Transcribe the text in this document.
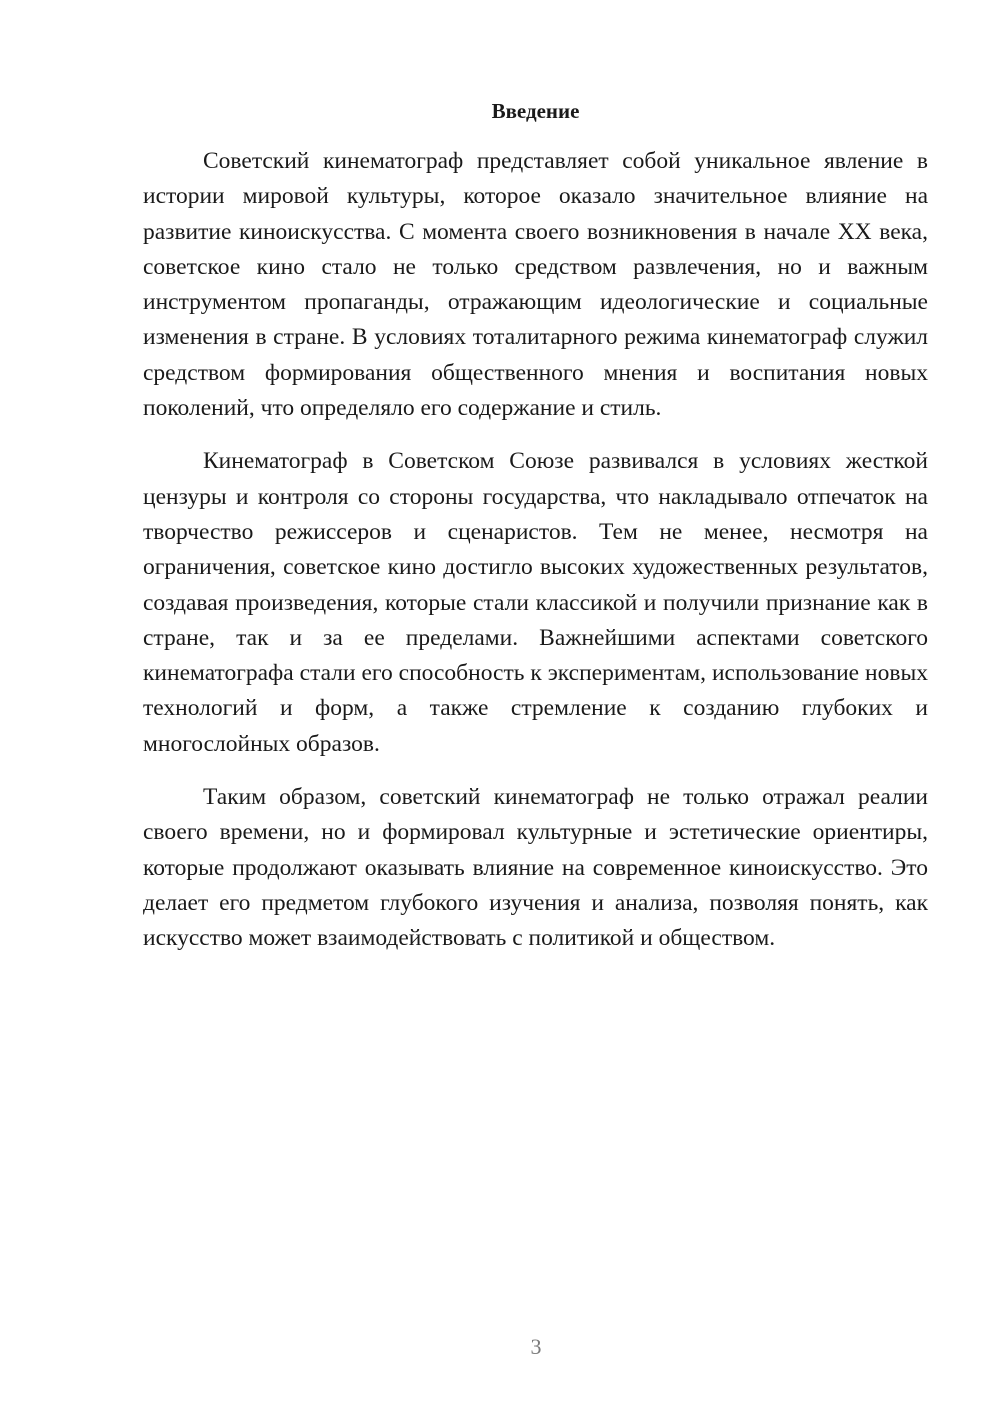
Введение

Советский кинематограф представляет собой уникальное явление в истории мировой культуры, которое оказало значительное влияние на развитие киноискусства. С момента своего возникновения в начале XX века, советское кино стало не только средством развлечения, но и важным инструментом пропаганды, отражающим идеологические и социальные изменения в стране. В условиях тоталитарного режима кинематограф служил средством формирования общественного мнения и воспитания новых поколений, что определяло его содержание и стиль.

Кинематограф в Советском Союзе развивался в условиях жесткой цензуры и контроля со стороны государства, что накладывало отпечаток на творчество режиссеров и сценаристов. Тем не менее, несмотря на ограничения, советское кино достигло высоких художественных результатов, создавая произведения, которые стали классикой и получили признание как в стране, так и за ее пределами. Важнейшими аспектами советского кинематографа стали его способность к экспериментам, использование новых технологий и форм, а также стремление к созданию глубоких и многослойных образов.

Таким образом, советский кинематограф не только отражал реалии своего времени, но и формировал культурные и эстетические ориентиры, которые продолжают оказывать влияние на современное киноискусство. Это делает его предметом глубокого изучения и анализа, позволяя понять, как искусство может взаимодействовать с политикой и обществом.

3
